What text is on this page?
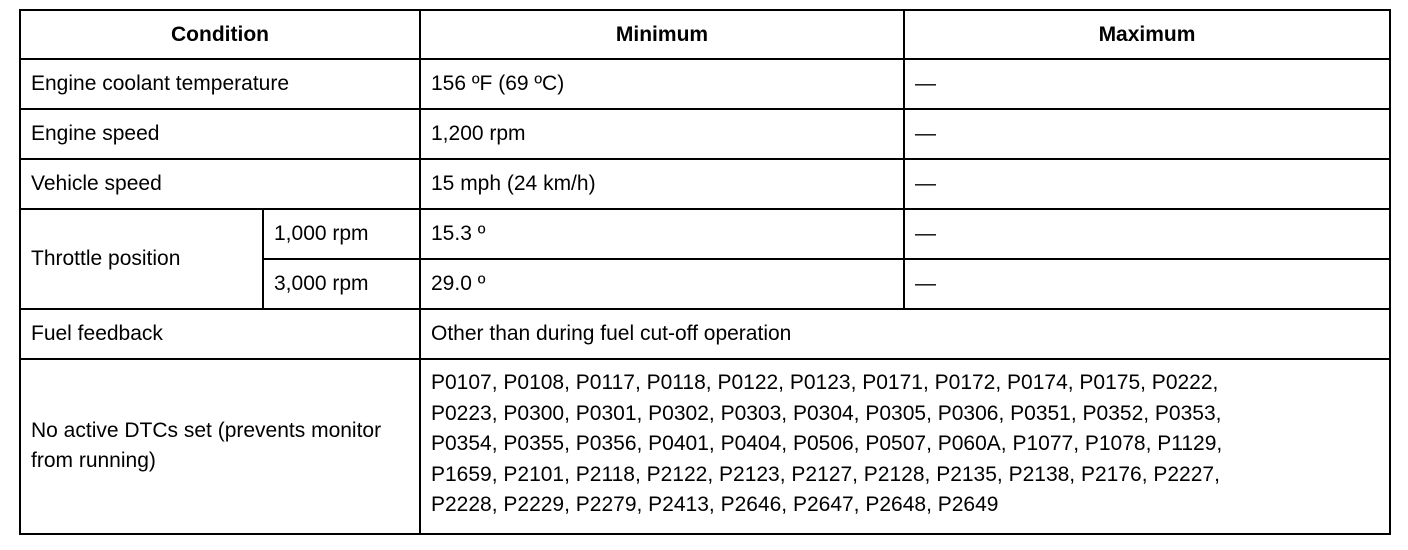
Condition		Minimum	Maximum
Engine coolant temperature		156 ºF (69 ºC)	—
Engine speed		1,200 rpm	—
Vehicle speed		15 mph (24 km/h)	—
Throttle position	1,000 rpm	15.3 º	—
	3,000 rpm	29.0 º	—
Fuel feedback		Other than during fuel cut-off operation	
No active DTCs set (prevents monitor from running)		P0107, P0108, P0117, P0118, P0122, P0123, P0171, P0172, P0174, P0175, P0222,
P0223, P0300, P0301, P0302, P0303, P0304, P0305, P0306, P0351, P0352, P0353,
P0354, P0355, P0356, P0401, P0404, P0506, P0507, P060A, P1077, P1078, P1129,
P1659, P2101, P2118, P2122, P2123, P2127, P2128, P2135, P2138, P2176, P2227,
P2228, P2229, P2279, P2413, P2646, P2647, P2648, P2649	
